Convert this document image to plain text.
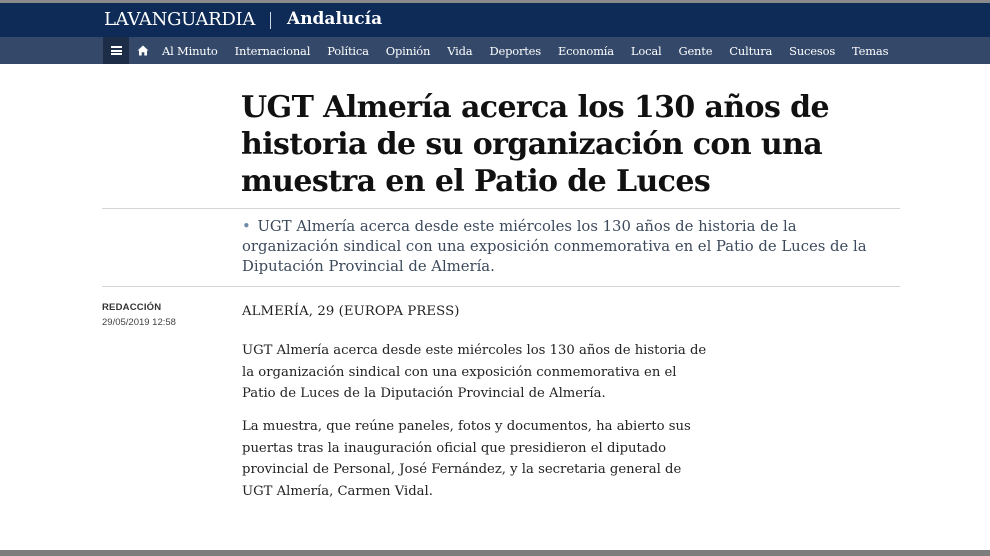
LAVANGUARDIA Andalucía
Al Minuto Internacional Política Opinión Vida Deportes Economía Local Gente Cultura Sucesos Temas
UGT Almería acerca los 130 años de historia de su organización con una muestra en el Patio de Luces

• UGT Almería acerca desde este miércoles los 130 años de historia de la organización sindical con una exposición conmemorativa en el Patio de Luces de la Diputación Provincial de Almería.

REDACCIÓN
29/05/2019 12:58

ALMERÍA, 29 (EUROPA PRESS)

UGT Almería acerca desde este miércoles los 130 años de historia de la organización sindical con una exposición conmemorativa en el Patio de Luces de la Diputación Provincial de Almería.

La muestra, que reúne paneles, fotos y documentos, ha abierto sus puertas tras la inauguración oficial que presidieron el diputado provincial de Personal, José Fernández, y la secretaria general de UGT Almería, Carmen Vidal.
